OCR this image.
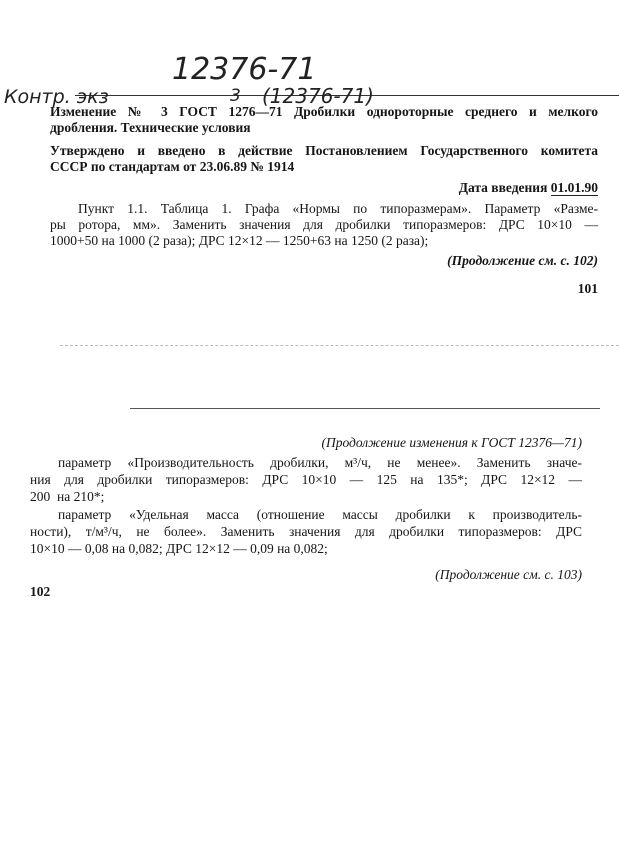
12376-71
Контр. экз	3 (12376-71)
Изменение № 3 ГОСТ 1276—71 Дробилки однороторные среднего и мелкого
дробления. Технические условия
Утверждено и введено в действие Постановлением Государственного комитета
СССР по стандартам от 23.06.89 № 1914
Дата введения 01.01.90
Пункт 1.1. Таблица 1. Графа «Нормы по типоразмерам». Параметр «Разме-
ры ротора, мм». Заменить значения для дробилки типоразмеров: ДРС 10×10 —
1000+50 на 1000 (2 раза); ДРС 12×12 — 1250+63 на 1250 (2 раза);
(Продолжение см. с. 102)
101
(Продолжение изменения к ГОСТ 12376—71)
параметр «Производительность дробилки, м³/ч, не менее». Заменить значе-
ния для дробилки типоразмеров: ДРС 10×10 — 125 на 135*; ДРС 12×12 —
200  на 210*;
параметр «Удельная масса (отношение массы дробилки к производитель-
ности), т/м³/ч, не более». Заменить значения для дробилки типоразмеров: ДРС
10×10 — 0,08 на 0,082; ДРС 12×12 — 0,09 на 0,082;
(Продолжение см. с. 103)
102
